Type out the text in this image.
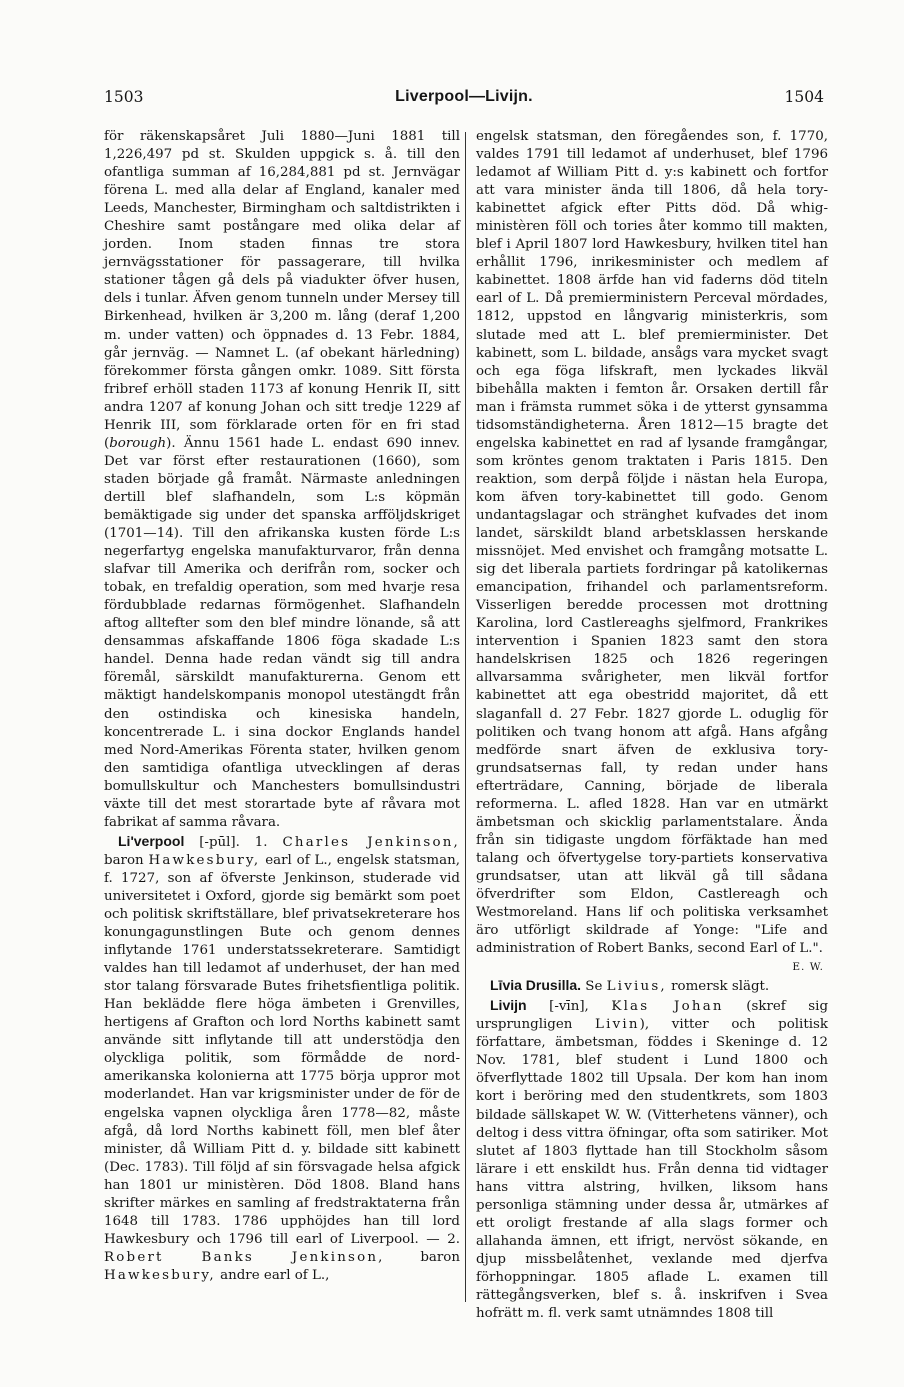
1503	Liverpool—Livijn.	1504

för räkenskapsåret Juli 1880—Juni 1881 till 1,226,497 pd st. Skulden uppgick s. å. till den ofantliga summan af 16,284,881 pd st. Jernvägar förena L. med alla delar af England, kanaler med Leeds, Manchester, Birmingham och saltdistrikten i Cheshire samt postångare med olika delar af jorden. Inom staden finnas tre stora jernvägsstationer för passagerare, till hvilka stationer tågen gå dels på viadukter öfver husen, dels i tunlar. Äfven genom tunneln under Mersey till Birkenhead, hvilken är 3,200 m. lång (deraf 1,200 m. under vatten) och öppnades d. 13 Febr. 1884, går jernväg. — Namnet L. (af obekant härledning) förekommer första gången omkr. 1089. Sitt första fribref erhöll staden 1173 af konung Henrik II, sitt andra 1207 af konung Johan och sitt tredje 1229 af Henrik III, som förklarade orten för en fri stad (borough). Ännu 1561 hade L. endast 690 innev. Det var först efter restaurationen (1660), som staden började gå framåt. Närmaste anledningen dertill blef slafhandeln, som L:s köpmän bemäktigade sig under det spanska arfföljdskriget (1701—14). Till den afrikanska kusten förde L:s negerfartyg engelska manufakturvaror, från denna slafvar till Amerika och derifrån rom, socker och tobak, en trefaldig operation, som med hvarje resa fördubblade redarnas förmögenhet. Slafhandeln aftog alltefter som den blef mindre lönande, så att densammas afskaffande 1806 föga skadade L:s handel. Denna hade redan vändt sig till andra föremål, särskildt manufakturerna. Genom ett mäktigt handelskompanis monopol utestängdt från den ostindiska och kinesiska handeln, koncentrerade L. i sina dockor Englands handel med Nord-Amerikas Förenta stater, hvilken genom den samtidiga ofantliga utvecklingen af deras bomullskultur och Manchesters bomullsindustri växte till det mest storartade byte af råvara mot fabrikat af samma råvara.

Li'verpool [-pūl]. 1. Charles Jenkinson, baron Hawkesbury, earl of L., engelsk statsman, f. 1727, son af öfverste Jenkinson, studerade vid universitetet i Oxford, gjorde sig bemärkt som poet och politisk skriftställare, blef privatsekreterare hos konungagunstlingen Bute och genom dennes inflytande 1761 understatssekreterare. Samtidigt valdes han till ledamot af underhuset, der han med stor talang försvarade Butes frihetsfientliga politik. Han beklädde flere höga ämbeten i Grenvilles, hertigens af Grafton och lord Norths kabinett samt använde sitt inflytande till att understödja den olyckliga politik, som förmådde de nord-amerikanska kolonierna att 1775 börja uppror mot moderlandet. Han var krigsminister under de för de engelska vapnen olyckliga åren 1778—82, måste afgå, då lord Norths kabinett föll, men blef åter minister, då William Pitt d. y. bildade sitt kabinett (Dec. 1783). Till följd af sin försvagade helsa afgick han 1801 ur ministèren. Död 1808. Bland hans skrifter märkes en samling af fredstraktaterna från 1648 till 1783. 1786 upphöjdes han till lord Hawkesbury och 1796 till earl of Liverpool. — 2. Robert Banks Jenkinson, baron Hawkesbury, andre earl of L.,

engelsk statsman, den föregåendes son, f. 1770, valdes 1791 till ledamot af underhuset, blef 1796 ledamot af William Pitt d. y:s kabinett och fortfor att vara minister ända till 1806, då hela tory-kabinettet afgick efter Pitts död. Då whig-ministèren föll och tories åter kommo till makten, blef i April 1807 lord Hawkesbury, hvilken titel han erhållit 1796, inrikesminister och medlem af kabinettet. 1808 ärfde han vid faderns död titeln earl of L. Då premierministern Perceval mördades, 1812, uppstod en långvarig ministerkris, som slutade med att L. blef premierminister. Det kabinett, som L. bildade, ansågs vara mycket svagt och ega föga lifskraft, men lyckades likväl bibehålla makten i femton år. Orsaken dertill får man i främsta rummet söka i de ytterst gynsamma tidsomständigheterna. Åren 1812—15 bragte det engelska kabinettet en rad af lysande framgångar, som kröntes genom traktaten i Paris 1815. Den reaktion, som derpå följde i nästan hela Europa, kom äfven tory-kabinettet till godo. Genom undantagslagar och stränghet kufvades det inom landet, särskildt bland arbetsklassen herskande missnöjet. Med envishet och framgång motsatte L. sig det liberala partiets fordringar på katolikernas emancipation, frihandel och parlamentsreform. Visserligen beredde processen mot drottning Karolina, lord Castlereaghs sjelfmord, Frankrikes intervention i Spanien 1823 samt den stora handelskrisen 1825 och 1826 regeringen allvarsamma svårigheter, men likväl fortfor kabinettet att ega obestridd majoritet, då ett slaganfall d. 27 Febr. 1827 gjorde L. oduglig för politiken och tvang honom att afgå. Hans afgång medförde snart äfven de exklusiva tory-grundsatsernas fall, ty redan under hans efterträdare, Canning, började de liberala reformerna. L. afled 1828. Han var en utmärkt ämbetsman och skicklig parlamentstalare. Ända från sin tidigaste ungdom förfäktade han med talang och öfvertygelse tory-partiets konservativa grundsatser, utan att likväl gå till sådana öfverdrifter som Eldon, Castlereagh och Westmoreland. Hans lif och politiska verksamhet äro utförligt skildrade af Yonge: "Life and administration of Robert Banks, second Earl of L.".
E. W.

Līvia Drusilla. Se Livius, romersk slägt.

Livijn [-vīn], Klas Johan (skref sig ursprungligen Livin), vitter och politisk författare, ämbetsman, föddes i Skeninge d. 12 Nov. 1781, blef student i Lund 1800 och öfverflyttade 1802 till Upsala. Der kom han inom kort i beröring med den studentkrets, som 1803 bildade sällskapet W. W. (Vitterhetens vänner), och deltog i dess vittra öfningar, ofta som satiriker. Mot slutet af 1803 flyttade han till Stockholm såsom lärare i ett enskildt hus. Från denna tid vidtager hans vittra alstring, hvilken, liksom hans personliga stämning under dessa år, utmärkes af ett oroligt frestande af alla slags former och allahanda ämnen, ett ifrigt, nervöst sökande, en djup missbelåtenhet, vexlande med djerfva förhoppningar. 1805 aflade L. examen till rättegångsverken, blef s. å. inskrifven i Svea hofrätt m. fl. verk samt utnämndes 1808 till
